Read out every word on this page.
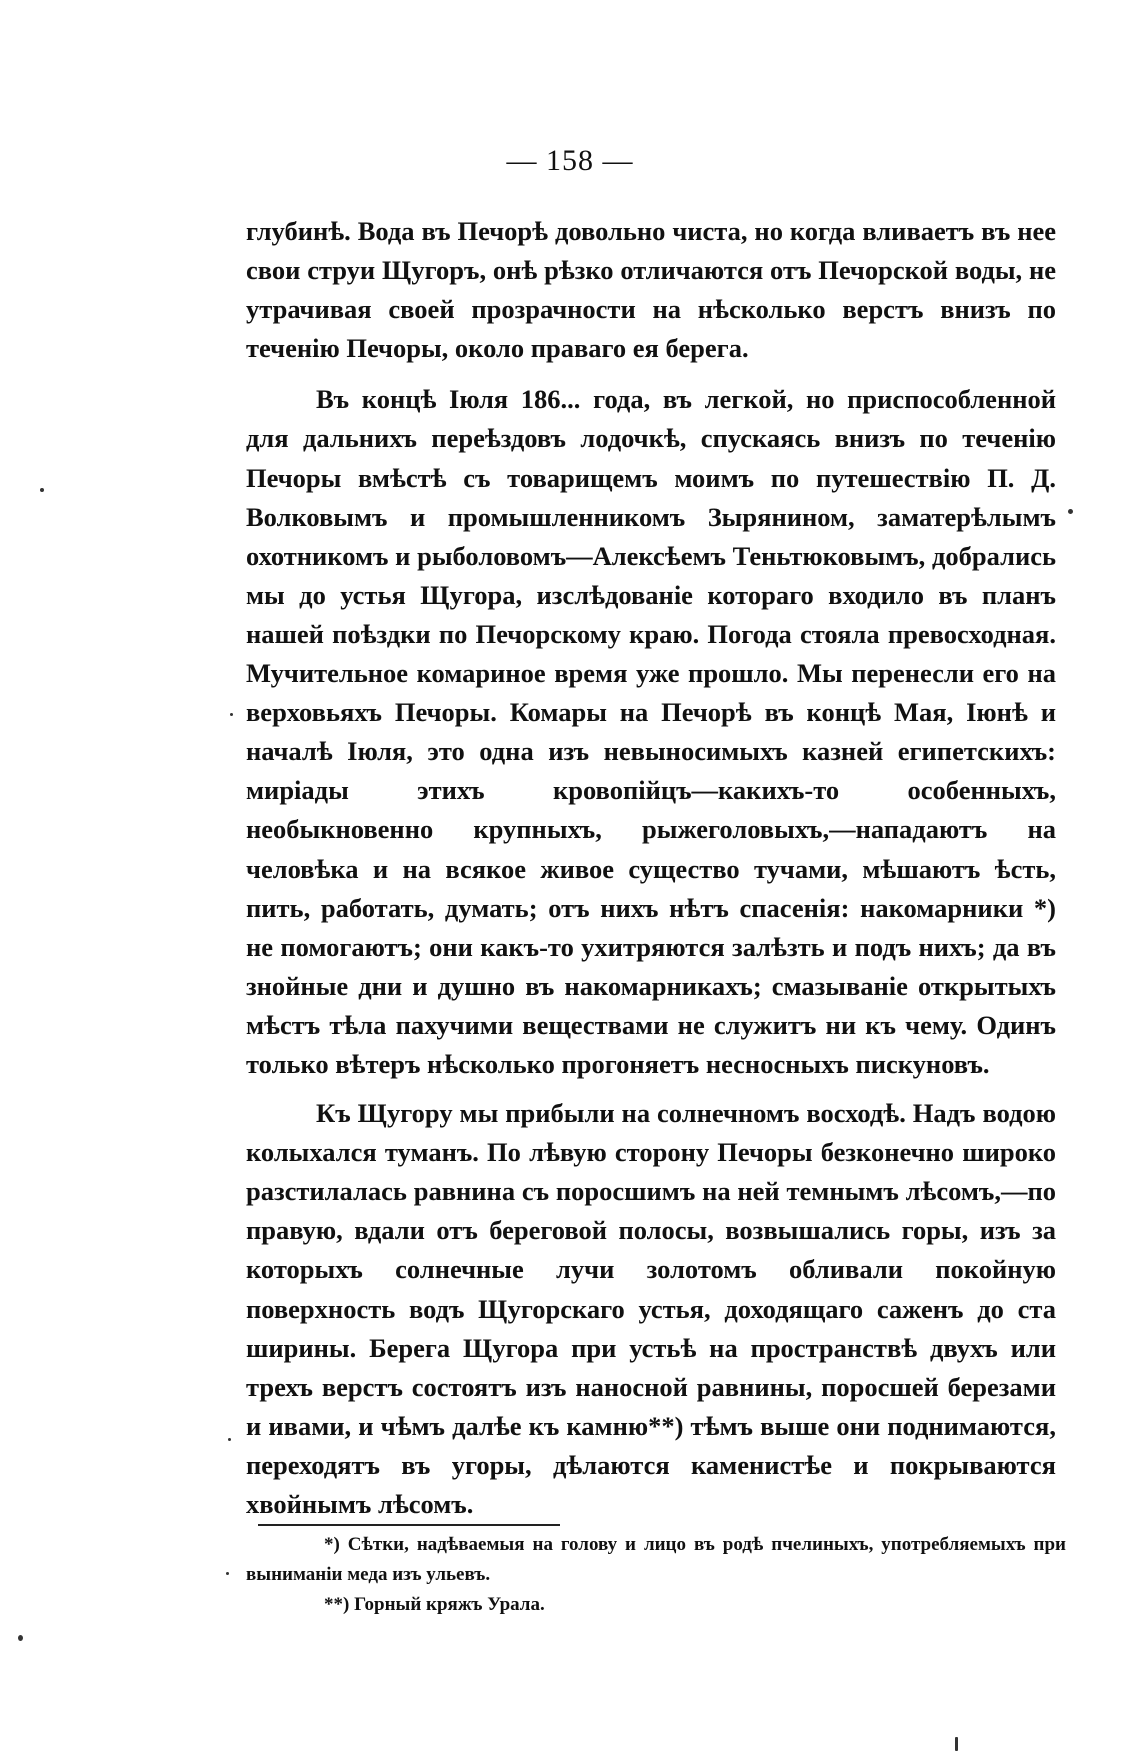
— 158 —

глубинѣ. Вода въ Печорѣ довольно чиста, но когда вливаетъ въ нее свои струи Щугоръ, онѣ рѣзко отличаются отъ Печорской воды, не утрачивая своей прозрачности на нѣсколько верстъ внизъ по теченію Печоры, около праваго ея берега.

Въ концѣ Іюля 186... года, въ легкой, но приспособленной для дальнихъ переѣздовъ лодочкѣ, спускаясь внизъ по теченію Печоры вмѣстѣ съ товарищемъ моимъ по путешествію П. Д. Волковымъ и промышленникомъ Зырянином, заматерѣлымъ охотникомъ и рыболовомъ—Алексѣемъ Теньтюковымъ, добрались мы до устья Щугора, изслѣдованіе котораго входило въ планъ нашей поѣздки по Печорскому краю. Погода стояла превосходная. Мучительное комариное время уже прошло. Мы перенесли его на верховьяхъ Печоры. Комары на Печорѣ въ концѣ Мая, Іюнѣ и началѣ Іюля, это одна изъ невыносимыхъ казней египетскихъ: миріады этихъ кровопійцъ—какихъ-то особенныхъ, необыкновенно крупныхъ, рыжеголовыхъ,—нападаютъ на человѣка и на всякое живое существо тучами, мѣшаютъ ѣсть, пить, работать, думать; отъ нихъ нѣтъ спасенія: накомарники *) не помогаютъ; они какъ-то ухитряются залѣзть и подъ нихъ; да въ знойные дни и душно въ накомарникахъ; смазываніе открытыхъ мѣстъ тѣла пахучими веществами не служитъ ни къ чему. Одинъ только вѣтеръ нѣсколько прогоняетъ несносныхъ пискуновъ.

Къ Щугору мы прибыли на солнечномъ восходѣ. Надъ водою колыхался туманъ. По лѣвую сторону Печоры безконечно широко разстилалась равнина съ поросшимъ на ней темнымъ лѣсомъ,—по правую, вдали отъ береговой полосы, возвышались горы, изъ за которыхъ солнечные лучи золотомъ обливали покойную поверхность водъ Щугорскаго устья, доходящаго саженъ до ста ширины. Берега Щугора при устьѣ на пространствѣ двухъ или трехъ верстъ состоятъ изъ наносной равнины, поросшей березами и ивами, и чѣмъ далѣе къ камню**) тѣмъ выше они поднимаются, переходятъ въ угоры, дѣлаются каменистѣе и покрываются хвойнымъ лѣсомъ.

*) Сѣтки, надѣваемыя на голову и лицо въ родѣ пчелиныхъ, употребляемыхъ при выниманіи меда изъ ульевъ.

**) Горный кряжъ Урала.
